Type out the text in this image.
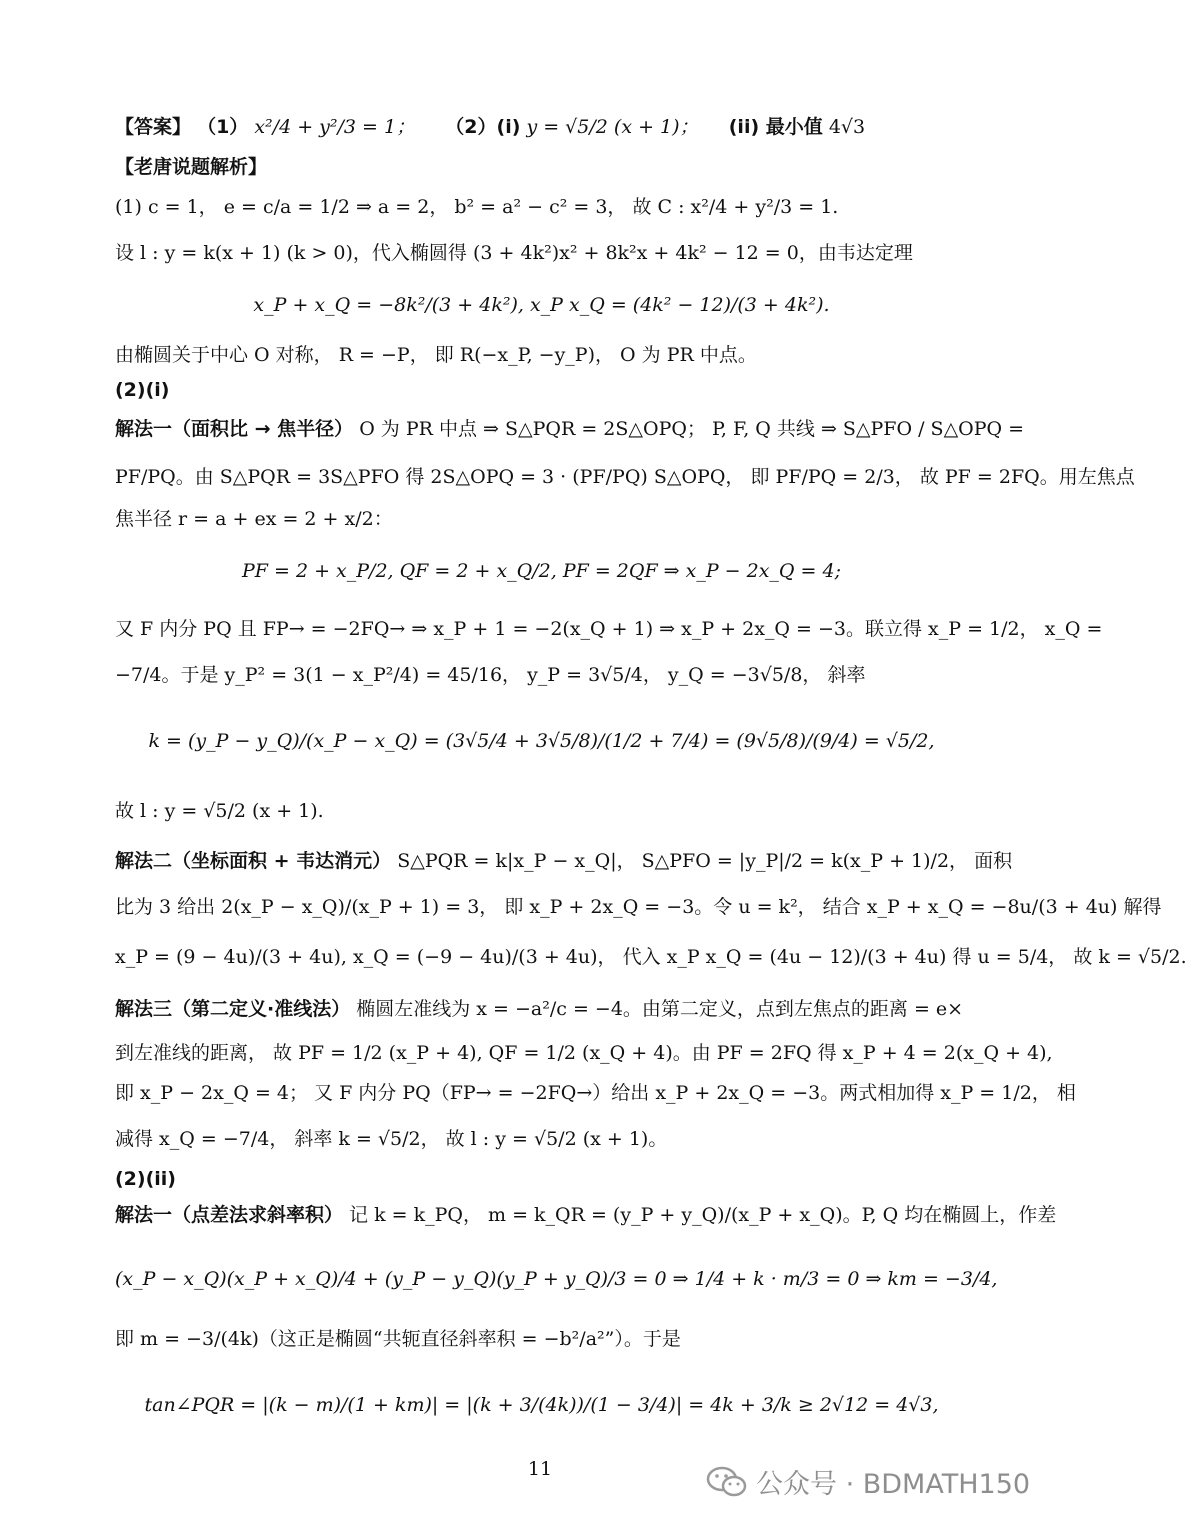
【答案】 （1） x²/4 + y²/3 = 1； （2）(i) y = √5/2 (x + 1)； (ii) 最小值 4√3
【老唐说题解析】
(1) c = 1， e = c/a = 1/2 ⇒ a = 2， b² = a² − c² = 3， 故 C : x²/4 + y²/3 = 1.
设 l : y = k(x + 1) (k > 0)，代入椭圆得 (3 + 4k²)x² + 8k²x + 4k² − 12 = 0，由韦达定理
x_P + x_Q = −8k²/(3 + 4k²), x_P x_Q = (4k² − 12)/(3 + 4k²).
由椭圆关于中心 O 对称， R = −P， 即 R(−x_P, −y_P)， O 为 PR 中点。
(2)(i)
解法一（面积比 → 焦半径） O 为 PR 中点 ⇒ S△PQR = 2S△OPQ； P, F, Q 共线 ⇒ S△PFO / S△OPQ =
PF/PQ。由 S△PQR = 3S△PFO 得 2S△OPQ = 3 · (PF/PQ) S△OPQ， 即 PF/PQ = 2/3， 故 PF = 2FQ。用左焦点
焦半径 r = a + ex = 2 + x/2：
PF = 2 + x_P/2, QF = 2 + x_Q/2, PF = 2QF ⇒ x_P − 2x_Q = 4;
又 F 内分 PQ 且 FP→ = −2FQ→ ⇒ x_P + 1 = −2(x_Q + 1) ⇒ x_P + 2x_Q = −3。联立得 x_P = 1/2， x_Q =
−7/4。于是 y_P² = 3(1 − x_P²/4) = 45/16， y_P = 3√5/4， y_Q = −3√5/8， 斜率
k = (y_P − y_Q)/(x_P − x_Q) = (3√5/4 + 3√5/8)/(1/2 + 7/4) = (9√5/8)/(9/4) = √5/2,
故 l : y = √5/2 (x + 1).
解法二（坐标面积 + 韦达消元） S△PQR = k|x_P − x_Q|， S△PFO = |y_P|/2 = k(x_P + 1)/2， 面积
比为 3 给出 2(x_P − x_Q)/(x_P + 1) = 3， 即 x_P + 2x_Q = −3。令 u = k²， 结合 x_P + x_Q = −8u/(3 + 4u) 解得
x_P = (9 − 4u)/(3 + 4u), x_Q = (−9 − 4u)/(3 + 4u)， 代入 x_P x_Q = (4u − 12)/(3 + 4u) 得 u = 5/4， 故 k = √5/2.
解法三（第二定义·准线法） 椭圆左准线为 x = −a²/c = −4。由第二定义，点到左焦点的距离 = e×
到左准线的距离， 故 PF = 1/2 (x_P + 4), QF = 1/2 (x_Q + 4)。由 PF = 2FQ 得 x_P + 4 = 2(x_Q + 4),
即 x_P − 2x_Q = 4； 又 F 内分 PQ（FP→ = −2FQ→）给出 x_P + 2x_Q = −3。两式相加得 x_P = 1/2， 相
减得 x_Q = −7/4， 斜率 k = √5/2， 故 l : y = √5/2 (x + 1)。
(2)(ii)
解法一（点差法求斜率积） 记 k = k_PQ， m = k_QR = (y_P + y_Q)/(x_P + x_Q)。P, Q 均在椭圆上，作差
(x_P − x_Q)(x_P + x_Q)/4 + (y_P − y_Q)(y_P + y_Q)/3 = 0 ⇒ 1/4 + k · m/3 = 0 ⇒ km = −3/4,
即 m = −3/(4k)（这正是椭圆“共轭直径斜率积 = −b²/a²”）。于是
tan∠PQR = |(k − m)/(1 + km)| = |(k + 3/(4k))/(1 − 3/4)| = 4k + 3/k ≥ 2√12 = 4√3,
11	公众号 · BDMATH150
